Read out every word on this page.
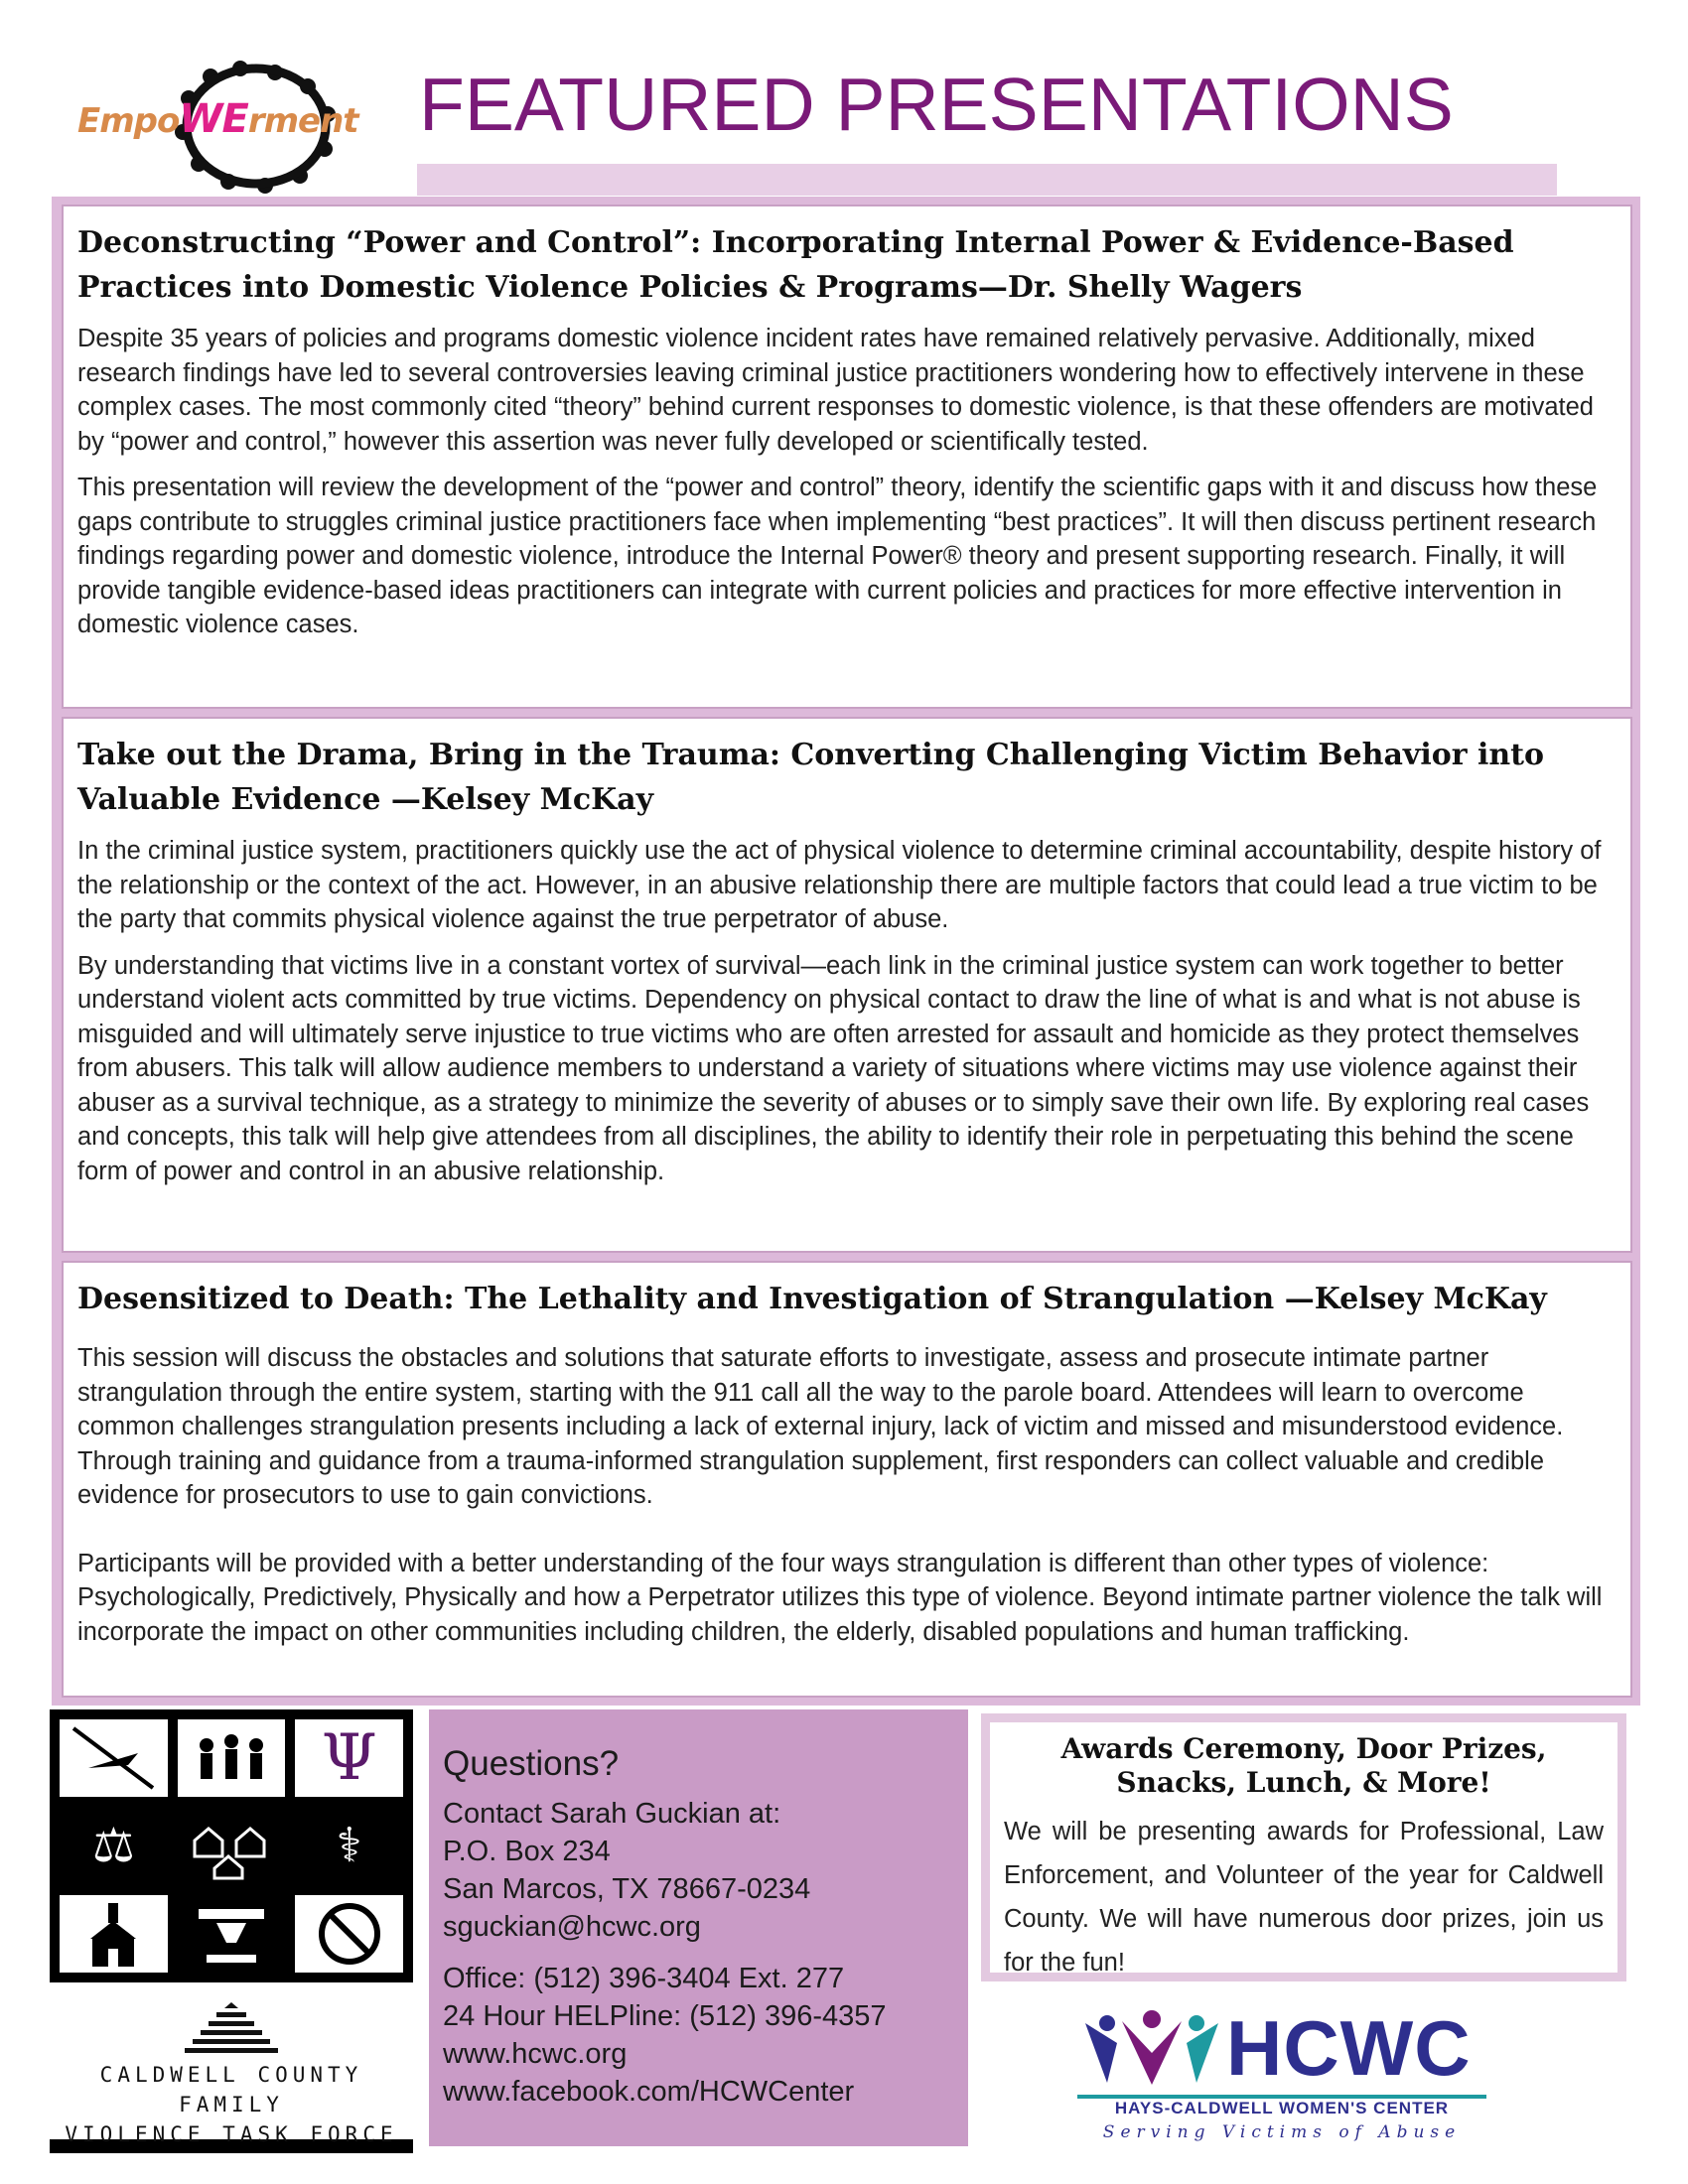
EmpoWErment FEATURED PRESENTATIONS
Deconstructing “Power and Control”: Incorporating Internal Power & Evidence-Based Practices into Domestic Violence Policies & Programs—Dr. Shelly Wagers

Despite 35 years of policies and programs domestic violence incident rates have remained relatively pervasive. Additionally, mixed research findings have led to several controversies leaving criminal justice practitioners wondering how to effectively intervene in these complex cases. The most commonly cited “theory” behind current responses to domestic violence, is that these offenders are motivated by “power and control,” however this assertion was never fully developed or scientifically tested.

This presentation will review the development of the “power and control” theory, identify the scientific gaps with it and discuss how these gaps contribute to struggles criminal justice practitioners face when implementing “best practices”. It will then discuss pertinent research findings regarding power and domestic violence, introduce the Internal Power® theory and present supporting research. Finally, it will provide tangible evidence-based ideas practitioners can integrate with current policies and practices for more effective intervention in domestic violence cases.

Take out the Drama, Bring in the Trauma: Converting Challenging Victim Behavior into Valuable Evidence —Kelsey McKay

In the criminal justice system, practitioners quickly use the act of physical violence to determine criminal accountability, despite history of the relationship or the context of the act. However, in an abusive relationship there are multiple factors that could lead a true victim to be the party that commits physical violence against the true perpetrator of abuse.

By understanding that victims live in a constant vortex of survival—each link in the criminal justice system can work together to better understand violent acts committed by true victims. Dependency on physical contact to draw the line of what is and what is not abuse is misguided and will ultimately serve injustice to true victims who are often arrested for assault and homicide as they protect themselves from abusers. This talk will allow audience members to understand a variety of situations where victims may use violence against their abuser as a survival technique, as a strategy to minimize the severity of abuses or to simply save their own life. By exploring real cases and concepts, this talk will help give attendees from all disciplines, the ability to identify their role in perpetuating this behind the scene form of power and control in an abusive relationship.

Desensitized to Death: The Lethality and Investigation of Strangulation —Kelsey McKay

This session will discuss the obstacles and solutions that saturate efforts to investigate, assess and prosecute intimate partner strangulation through the entire system, starting with the 911 call all the way to the parole board. Attendees will learn to overcome common challenges strangulation presents including a lack of external injury, lack of victim and missed and misunderstood evidence. Through training and guidance from a trauma-informed strangulation supplement, first responders can collect valuable and credible evidence for prosecutors to use to gain convictions.

Participants will be provided with a better understanding of the four ways strangulation is different than other types of violence: Psychologically, Predictively, Physically and how a Perpetrator utilizes this type of violence. Beyond intimate partner violence the talk will incorporate the impact on other communities including children, the elderly, disabled populations and human trafficking.

Ψ
⚖	⚕
CALDWELL COUNTY FAMILY
VIOLENCE TASK FORCE
Questions?
Contact Sarah Guckian at:
P.O. Box 234
San Marcos, TX 78667-0234
sguckian@hcwc.org
Office: (512) 396-3404 Ext. 277
24 Hour HELPline: (512) 396-4357
www.hcwc.org
www.facebook.com/HCWCenter
Awards Ceremony, Door Prizes, Snacks, Lunch, & More!

We will be presenting awards for Professional, Law Enforcement, and Volunteer of the year for Caldwell County. We will have numerous door prizes, join us for the fun!

HCWC
HAYS-CALDWELL WOMEN'S CENTER
Serving Victims of Abuse
